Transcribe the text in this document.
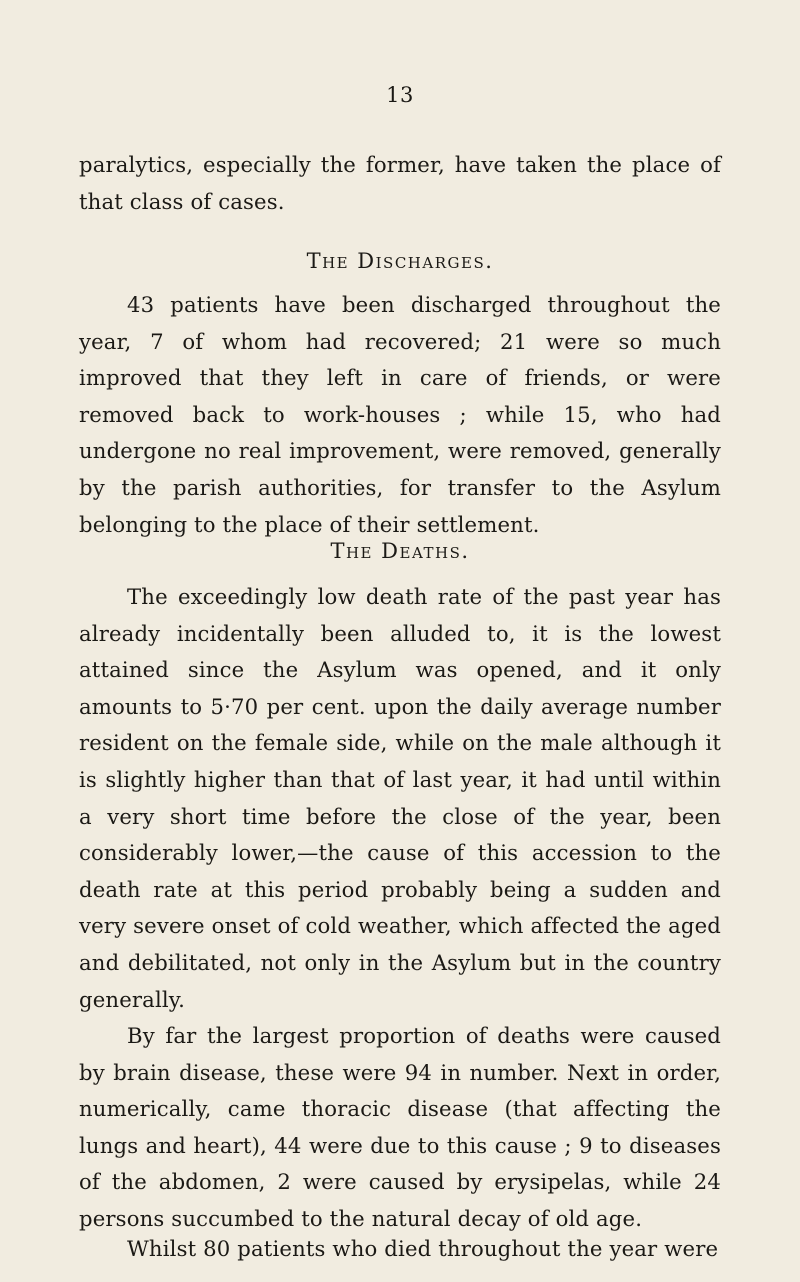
13

paralytics, especially the former, have taken the place of that class of cases.

The Discharges.

43 patients have been discharged throughout the year, 7 of whom had recovered; 21 were so much improved that they left in care of friends, or were removed back to work-houses ; while 15, who had undergone no real improvement, were removed, generally by the parish authorities, for transfer to the Asylum belonging to the place of their settlement.

The Deaths.

The exceedingly low death rate of the past year has already incidentally been alluded to, it is the lowest attained since the Asylum was opened, and it only amounts to 5·70 per cent. upon the daily average number resident on the female side, while on the male although it is slightly higher than that of last year, it had until within a very short time before the close of the year, been considerably lower,—the cause of this accession to the death rate at this period probably being a sudden and very severe onset of cold weather, which affected the aged and debilitated, not only in the Asylum but in the country generally.

By far the largest proportion of deaths were caused by brain disease, these were 94 in number. Next in order, numerically, came thoracic disease (that affecting the lungs and heart), 44 were due to this cause ; 9 to diseases of the abdomen, 2 were caused by erysipelas, while 24 persons succumbed to the natural decay of old age.

Whilst 80 patients who died throughout the year were
